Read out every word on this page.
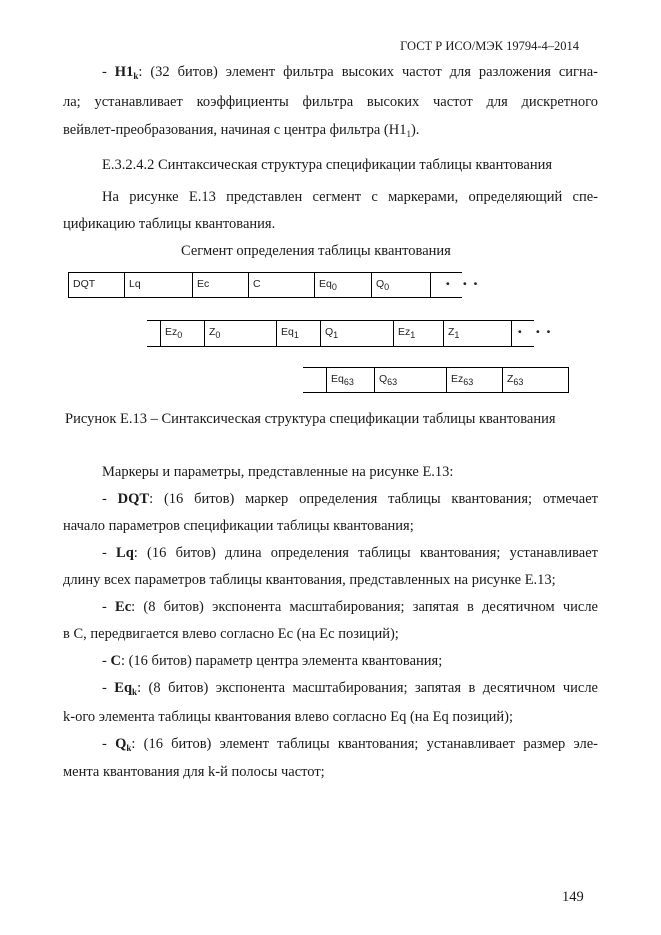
ГОСТ Р ИСО/МЭК 19794-4–2014
- $H1_k$: (32 битов) элемент фильтра высоких частот для разложения сигна-
ла; устанавливает коэффициенты фильтра высоких частот для дискретного
вейвлет-преобразования, начиная с центра фильтра $(H1_1)$.
E.3.2.4.2 Синтаксическая структура спецификации таблицы квантования
На рисунке Е.13 представлен сегмент с маркерами, определяющий спе-
цификацию таблицы квантования.
Сегмент определения таблицы квантования
DQT	Lq	Ec	C	$Eq_0$	$Q_0$	• • •
$Ez_0$	$Z_0$	$Eq_1$	$Q_1$	$Ez_1$	$Z_1$	• • •
$Eq_{63}$	$Q_{63}$	$Ez_{63}$	$Z_{63}$
Рисунок Е.13 – Синтаксическая структура спецификации таблицы квантования
Маркеры и параметры, представленные на рисунке Е.13:
- DQT: (16 битов) маркер определения таблицы квантования; отмечает
начало параметров спецификации таблицы квантования;
- Lq: (16 битов) длина определения таблицы квантования; устанавливает
длину всех параметров таблицы квантования, представленных на рисунке Е.13;
- Ec: (8 битов) экспонента масштабирования; запятая в десятичном числе
в C, передвигается влево согласно Ec (на Ec позиций);
- C: (16 битов) параметр центра элемента квантования;
- $Eq_k$: (8 битов) экспонента масштабирования; запятая в десятичном числе
k-ого элемента таблицы квантования влево согласно Eq (на Eq позиций);
- $Q_k$: (16 битов) элемент таблицы квантования; устанавливает размер эле-
мента квантования для k-й полосы частот;
149
